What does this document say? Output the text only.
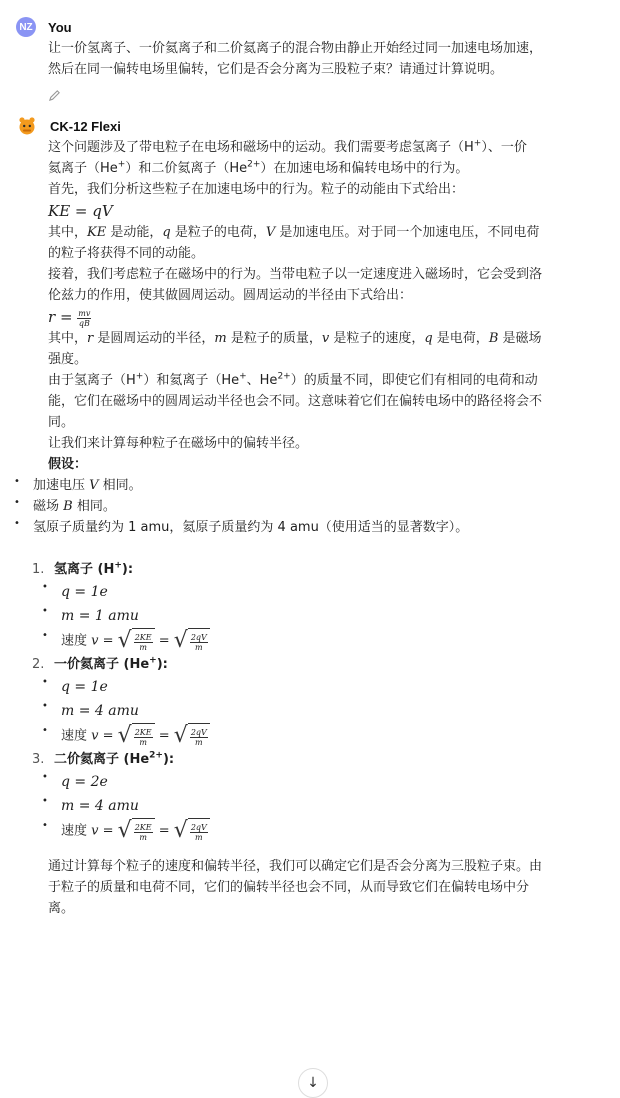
NZ You

让一价氢离子、一价氦离子和二价氦离子的混合物由静止开始经过同一加速电场加速，

然后在同一偏转电场里偏转，它们是否会分离为三股粒子束？请通过计算说明。

CK-12 Flexi

这个问题涉及了带电粒子在电场和磁场中的运动。我们需要考虑氢离子（H+）、一价
氦离子（He+）和二价氦离子$(He^{2+})$在加速电场和偏转电场中的行为。

首先，我们分析这些粒子在加速电场中的行为。粒子的动能由下式给出：

KE = qV

其中，KE 是动能，q 是粒子的电荷，V 是加速电压。对于同一个加速电压，不同电荷
的粒子将获得不同的动能。

接着，我们考虑粒子在磁场中的行为。当带电粒子以一定速度进入磁场时，它会受到洛
伦兹力的作用，使其做圆周运动。圆周运动的半径由下式给出：

$r = \frac{mv}{qB}$

其中，r 是圆周运动的半径，m 是粒子的质量，v 是粒子的速度，q 是电荷，B 是磁场
强度。

由于氢离子（H+）和氦离子（He+、$He^{2+}$）的质量不同，即使它们有相同的电荷和动
能，它们在磁场中的圆周运动半径也会不同。这意味着它们在偏转电场中的路径将会不
同。

让我们来计算每种粒子在磁场中的偏转半径。

假设：

• 加速电压 V 相同。
• 磁场 B 相同。
• 氢原子质量约为 1 amu，氦原子质量约为 4 amu（使用适当的显著数字）。
1. 氢离子 (H+):
• q = 1e
• m = 1 amu
• 速度 v = √ $\frac{2KE}{m}$ = √ $\frac{2qV}{m}$
2. 一价氦离子 (He+):
• q = 1e
• m = 4 amu
• 速度 v = √ $\frac{2KE}{m}$ = √ $\frac{2qV}{m}$
3. 二价氦离子 $(He^{2+})$:
• q = 2e
• m = 4 amu
• 速度 v = √ $\frac{2KE}{m}$ = √ $\frac{2qV}{m}$

通过计算每个粒子的速度和偏转半径，我们可以确定它们是否会分离为三股粒子束。由
于粒子的质量和电荷不同，它们的偏转半径也会不同，从而导致它们在偏转电场中分
离。

↓
